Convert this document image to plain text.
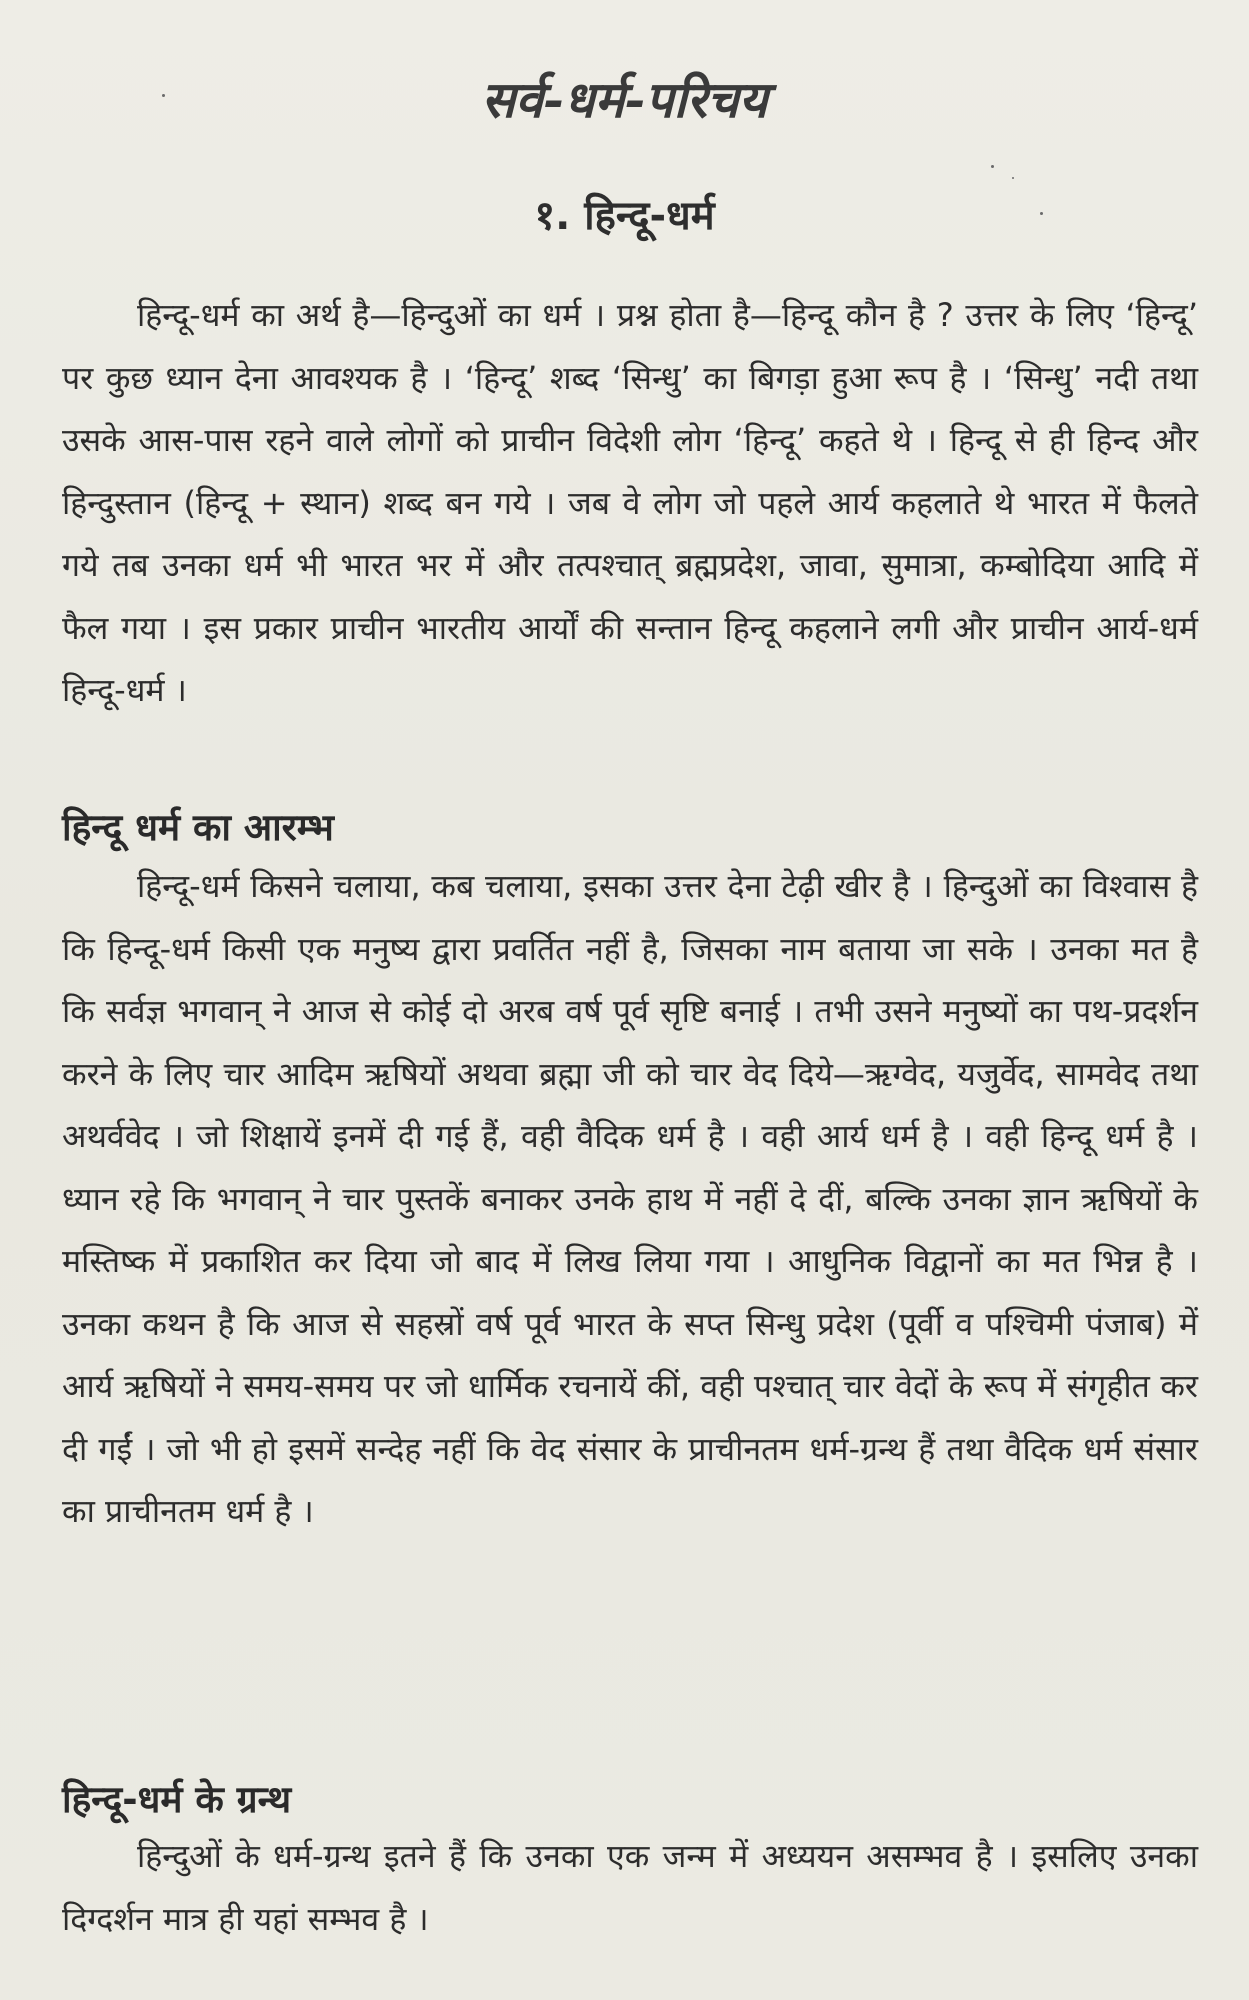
सर्व-धर्म-परिचय
१. हिन्दू-धर्म

हिन्दू-धर्म का अर्थ है—हिन्दुओं का धर्म । प्रश्न होता है—हिन्दू कौन है ? उत्तर के लिए ‘हिन्दू’ पर कुछ ध्यान देना आवश्यक है । ‘हिन्दू’ शब्द ‘सिन्धु’ का बिगड़ा हुआ रूप है । ‘सिन्धु’ नदी तथा उसके आस-पास रहने वाले लोगों को प्राचीन विदेशी लोग ‘हिन्दू’ कहते थे । हिन्दू से ही हिन्द और हिन्दुस्तान (हिन्दू + स्थान) शब्द बन गये । जब वे लोग जो पहले आर्य कहलाते थे भारत में फैलते गये तब उनका धर्म भी भारत भर में और तत्पश्चात् ब्रह्मप्रदेश, जावा, सुमात्रा, कम्बोदिया आदि में फैल गया । इस प्रकार प्राचीन भारतीय आर्यों की सन्तान हिन्दू कहलाने लगी और प्राचीन आर्य-धर्म हिन्दू-धर्म ।

हिन्दू धर्म का आरम्भ

हिन्दू-धर्म किसने चलाया, कब चलाया, इसका उत्तर देना टेढ़ी खीर है । हिन्दुओं का विश्वास है कि हिन्दू-धर्म किसी एक मनुष्य द्वारा प्रवर्तित नहीं है, जिसका नाम बताया जा सके । उनका मत है कि सर्वज्ञ भगवान् ने आज से कोई दो अरब वर्ष पूर्व सृष्टि बनाई । तभी उसने मनुष्यों का पथ-प्रदर्शन करने के लिए चार आदिम ऋषियों अथवा ब्रह्मा जी को चार वेद दिये—ऋग्वेद, यजुर्वेद, सामवेद तथा अथर्ववेद । जो शिक्षायें इनमें दी गई हैं, वही वैदिक धर्म है । वही आर्य धर्म है । वही हिन्दू धर्म है । ध्यान रहे कि भगवान् ने चार पुस्तकें बनाकर उनके हाथ में नहीं दे दीं, बल्कि उनका ज्ञान ऋषियों के मस्तिष्क में प्रकाशित कर दिया जो बाद में लिख लिया गया । आधुनिक विद्वानों का मत भिन्न है । उनका कथन है कि आज से सहस्रों वर्ष पूर्व भारत के सप्त सिन्धु प्रदेश (पूर्वी व पश्चिमी पंजाब) में आर्य ऋषियों ने समय-समय पर जो धार्मिक रचनायें कीं, वही पश्चात् चार वेदों के रूप में संगृहीत कर दी गईं । जो भी हो इसमें सन्देह नहीं कि वेद संसार के प्राचीनतम धर्म-ग्रन्थ हैं तथा वैदिक धर्म संसार का प्राचीनतम धर्म है ।

हिन्दू-धर्म के ग्रन्थ

हिन्दुओं के धर्म-ग्रन्थ इतने हैं कि उनका एक जन्म में अध्ययन असम्भव है । इसलिए उनका दिग्दर्शन मात्र ही यहां सम्भव है ।
